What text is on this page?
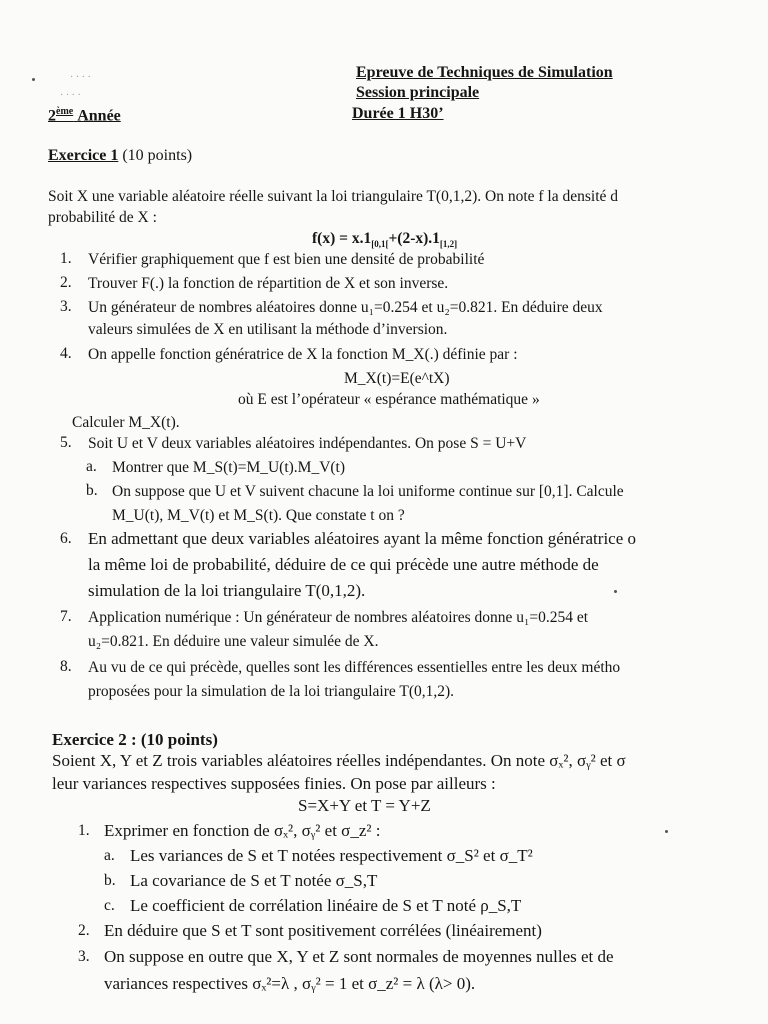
· · · ·
· · · ·
Epreuve de Techniques de Simulation
Session principale
Durée 1 H30’
2ème Année
Exercice 1 (10 points)
Soit X une variable aléatoire réelle suivant la loi triangulaire T(0,1,2). On note f la densité d
probabilité de X :
$f(x) = x.1_{[0,1[}+(2-x).1_{[1,2]}$
1. Vérifier graphiquement que f est bien une densité de probabilité
2. Trouver F(.) la fonction de répartition de X et son inverse.
3. Un générateur de nombres aléatoires donne u₁=0.254 et u₂=0.821. En déduire deux
valeurs simulées de X en utilisant la méthode d’inversion.
4. On appelle fonction génératrice de X la fonction M_X(.) définie par :
M_X(t)=E(e^tX)
où E est l’opérateur « espérance mathématique »
Calculer M_X(t).
5. Soit U et V deux variables aléatoires indépendantes. On pose S = U+V
a. Montrer que M_S(t)=M_U(t).M_V(t)
b. On suppose que U et V suivent chacune la loi uniforme continue sur [0,1]. Calcule
M_U(t), M_V(t) et M_S(t). Que constate t on ?
6. En admettant que deux variables aléatoires ayant la même fonction génératrice o
la même loi de probabilité, déduire de ce qui précède une autre méthode de
simulation de la loi triangulaire T(0,1,2).
7. Application numérique : Un générateur de nombres aléatoires donne u₁=0.254 et
u₂=0.821. En déduire une valeur simulée de X.
8. Au vu de ce qui précède, quelles sont les différences essentielles entre les deux métho
proposées pour la simulation de la loi triangulaire T(0,1,2).
Exercice 2 : (10 points)
Soient X, Y et Z trois variables aléatoires réelles indépendantes. On note σₓ², σᵧ² et σ
leur variances respectives supposées finies. On pose par ailleurs :
S=X+Y et T = Y+Z
1. Exprimer en fonction de σₓ², σᵧ² et σ_z² :
a. Les variances de S et T notées respectivement σ_S² et σ_T²
b. La covariance de S et T notée σ_S,T
c. Le coefficient de corrélation linéaire de S et T noté ρ_S,T
2. En déduire que S et T sont positivement corrélées (linéairement)
3. On suppose en outre que X, Y et Z sont normales de moyennes nulles et de
variances respectives σₓ²=λ , σᵧ² = 1 et σ_z² = λ (λ> 0).
